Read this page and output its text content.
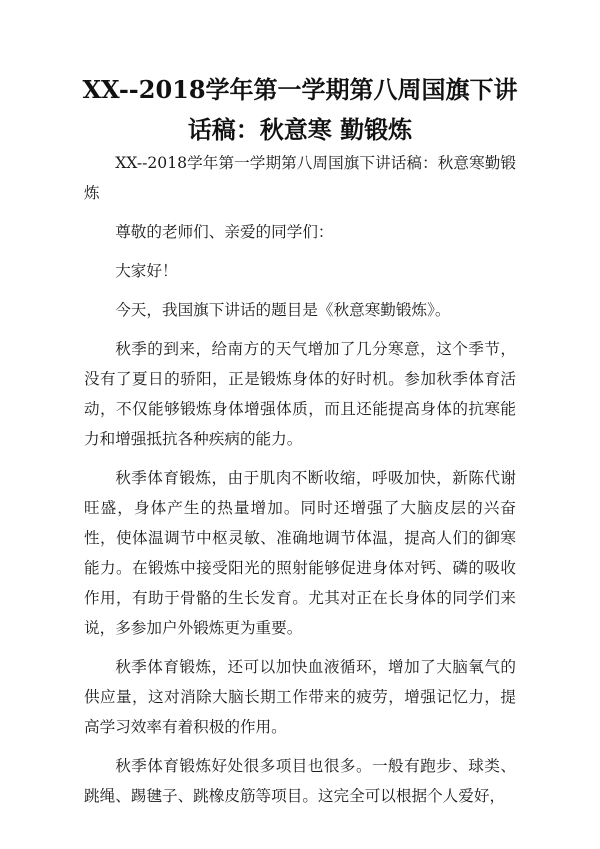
XX--2018学年第一学期第八周国旗下讲
话稿：秋意寒 勤锻炼

XX--2018学年第一学期第八周国旗下讲话稿：秋意寒勤锻炼

尊敬的老师们、亲爱的同学们：

大家好！

今天，我国旗下讲话的题目是《秋意寒勤锻炼》。

秋季的到来，给南方的天气增加了几分寒意，这个季节，没有了夏日的骄阳，正是锻炼身体的好时机。参加秋季体育活动，不仅能够锻炼身体增强体质，而且还能提高身体的抗寒能力和增强抵抗各种疾病的能力。

秋季体育锻炼，由于肌肉不断收缩，呼吸加快，新陈代谢旺盛，身体产生的热量增加。同时还增强了大脑皮层的兴奋性，使体温调节中枢灵敏、准确地调节体温，提高人们的御寒能力。在锻炼中接受阳光的照射能够促进身体对钙、磷的吸收作用，有助于骨骼的生长发育。尤其对正在长身体的同学们来说，多参加户外锻炼更为重要。

秋季体育锻炼，还可以加快血液循环，增加了大脑氧气的供应量，这对消除大脑长期工作带来的疲劳，增强记忆力，提高学习效率有着积极的作用。

秋季体育锻炼好处很多项目也很多。一般有跑步、球类、跳绳、踢毽子、跳橡皮筋等项目。这完全可以根据个人爱好，
